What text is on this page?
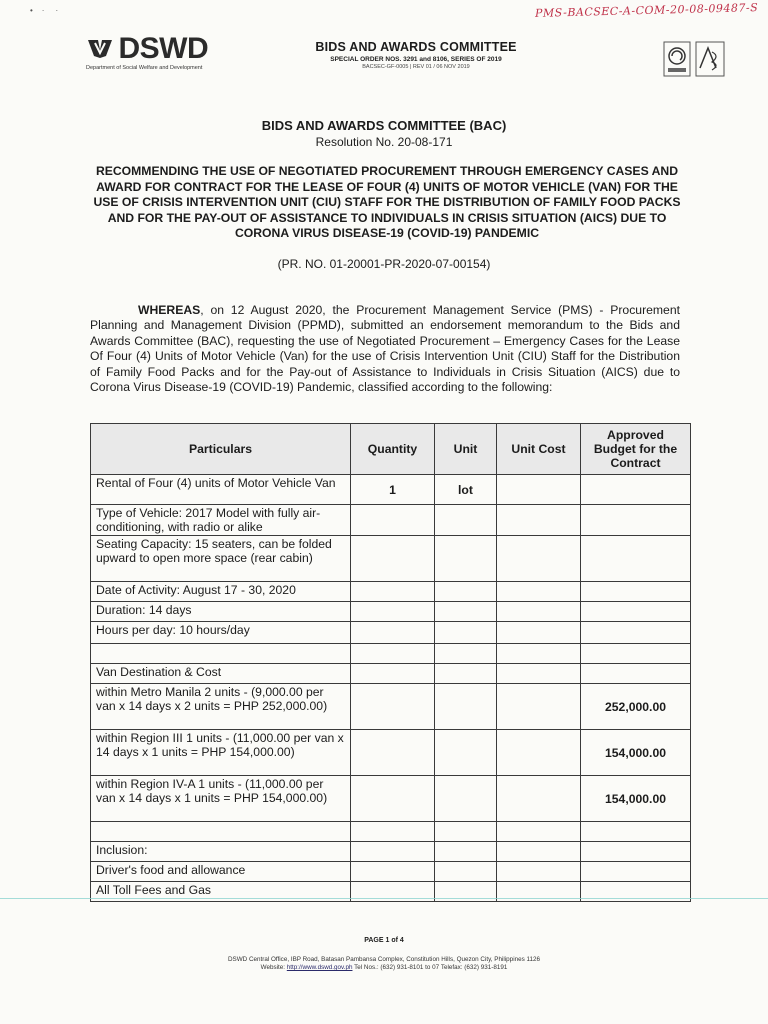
•    ·     ·	PMS-BACSEC-A-COM-20-08-09487-S
DSWD
Department of Social Welfare and Development
BIDS AND AWARDS COMMITTEE
SPECIAL ORDER NOS. 3291 and 8106, SERIES OF 2019
BACSEC-GF-0005 | REV 01 / 06 NOV 2019
BIDS AND AWARDS COMMITTEE (BAC)
Resolution No. 20-08-171
RECOMMENDING THE USE OF NEGOTIATED PROCUREMENT THROUGH EMERGENCY CASES AND AWARD FOR CONTRACT FOR THE LEASE OF FOUR (4) UNITS OF MOTOR VEHICLE (VAN) FOR THE USE OF CRISIS INTERVENTION UNIT (CIU) STAFF FOR THE DISTRIBUTION OF FAMILY FOOD PACKS AND FOR THE PAY-OUT OF ASSISTANCE TO INDIVIDUALS IN CRISIS SITUATION (AICS) DUE TO CORONA VIRUS DISEASE-19 (COVID-19) PANDEMIC
(PR. NO. 01-20001-PR-2020-07-00154)
WHEREAS, on 12 August 2020, the Procurement Management Service (PMS) - Procurement Planning and Management Division (PPMD), submitted an endorsement memorandum to the Bids and Awards Committee (BAC), requesting the use of Negotiated Procurement – Emergency Cases for the Lease Of Four (4) Units of Motor Vehicle (Van) for the use of Crisis Intervention Unit (CIU) Staff for the Distribution of Family Food Packs and for the Pay-out of Assistance to Individuals in Crisis Situation (AICS) due to Corona Virus Disease-19 (COVID-19) Pandemic, classified according to the following:
Particulars	Quantity	Unit	Unit Cost	Approved Budget for the Contract
Rental of Four (4) units of Motor Vehicle Van	1	lot		
Type of Vehicle: 2017 Model with fully air-conditioning, with radio or alike				
Seating Capacity: 15 seaters, can be folded upward to open more space (rear cabin)				
Date of Activity: August 17 - 30, 2020				
Duration: 14 days				
Hours per day: 10 hours/day				

Van Destination & Cost				
within Metro Manila 2 units - (9,000.00 per van x 14 days x 2 units = PHP 252,000.00)				252,000.00
within Region III 1 units - (11,000.00 per van x 14 days x 1 units = PHP 154,000.00)				154,000.00
within Region IV-A 1 units - (11,000.00 per van x 14 days x 1 units = PHP 154,000.00)				154,000.00

Inclusion:				
Driver's food and allowance				
All Toll Fees and Gas				
PAGE 1 of 4
DSWD Central Office, IBP Road, Batasan Pambansa Complex, Constitution Hills, Quezon City, Philippines 1126
Website: http://www.dswd.gov.ph Tel Nos.: (632) 931-8101 to 07 Telefax: (632) 931-8191
